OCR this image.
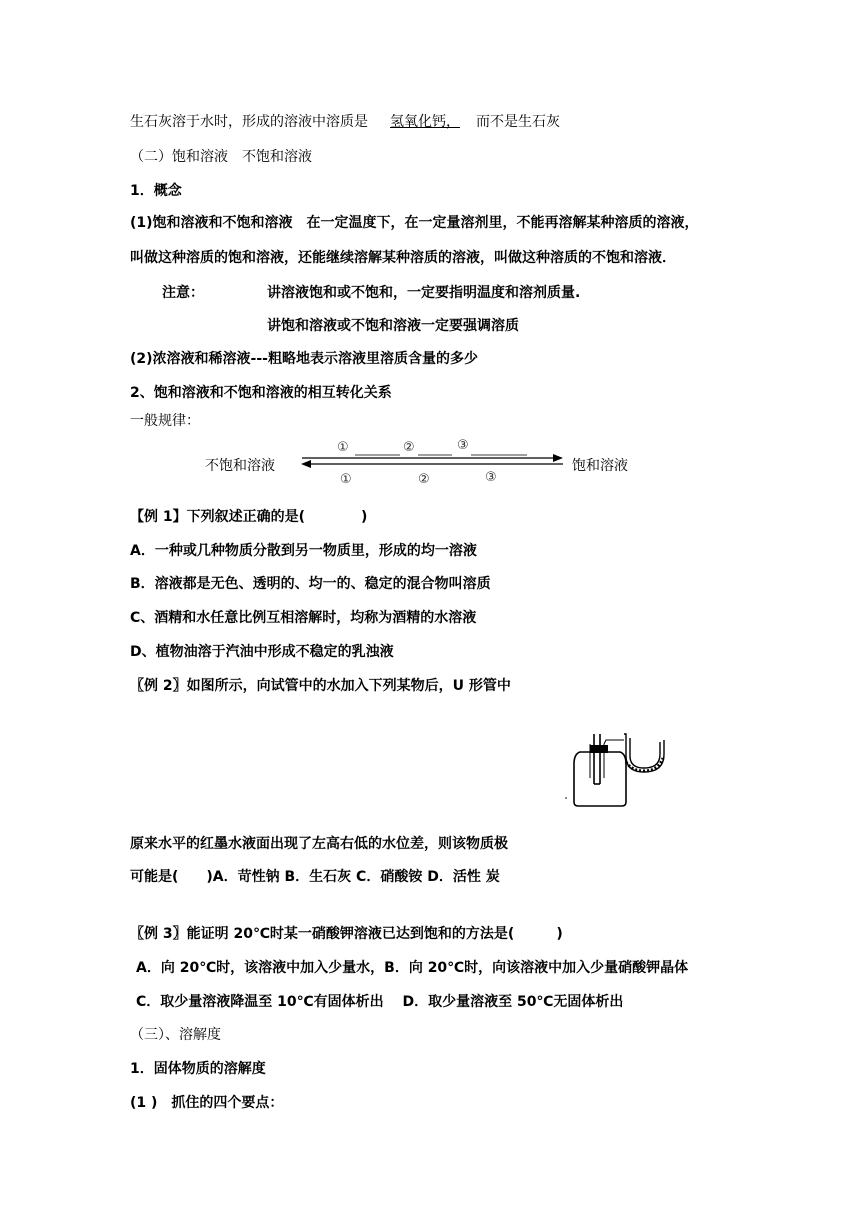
生石灰溶于水时，形成的溶液中溶质是 氢氧化钙， 而不是生石灰
（二）饱和溶液　不饱和溶液
1．概念
(1)饱和溶液和不饱和溶液　在一定温度下，在一定量溶剂里，不能再溶解某种溶质的溶液，
叫做这种溶质的饱和溶液，还能继续溶解某种溶质的溶液，叫做这种溶质的不饱和溶液．
注意：	讲溶液饱和或不饱和，一定要指明温度和溶剂质量.
讲饱和溶液或不饱和溶液一定要强调溶质
(2)浓溶液和稀溶液---粗略地表示溶液里溶质含量的多少
2、饱和溶液和不饱和溶液的相互转化关系
一般规律：
不饱和溶液
①	②	③
饱和溶液
①	②	③
【例 1】下列叙述正确的是(　　　　)
A．一种或几种物质分散到另一物质里，形成的均一溶液
B．溶液都是无色、透明的、均一的、稳定的混合物叫溶质
C、酒精和水任意比例互相溶解时，均称为酒精的水溶液
D、植物油溶于汽油中形成不稳定的乳浊液
〖例 2〗如图所示，向试管中的水加入下列某物后，U 形管中
原来水平的红墨水液面出现了左高右低的水位差，则该物质极
可能是(　　)A．苛性钠 B．生石灰 C．硝酸铵 D．活性 炭
〖例 3〗能证明 20℃时某一硝酸钾溶液已达到饱和的方法是(　　　)
A．向 20℃时，该溶液中加入少量水，B．向 20℃时，向该溶液中加入少量硝酸钾晶体
C．取少量溶液降温至 10℃有固体析出　 D．取少量溶液至 50℃无固体析出
（三）、溶解度
1．固体物质的溶解度
(1 )　抓住的四个要点：
